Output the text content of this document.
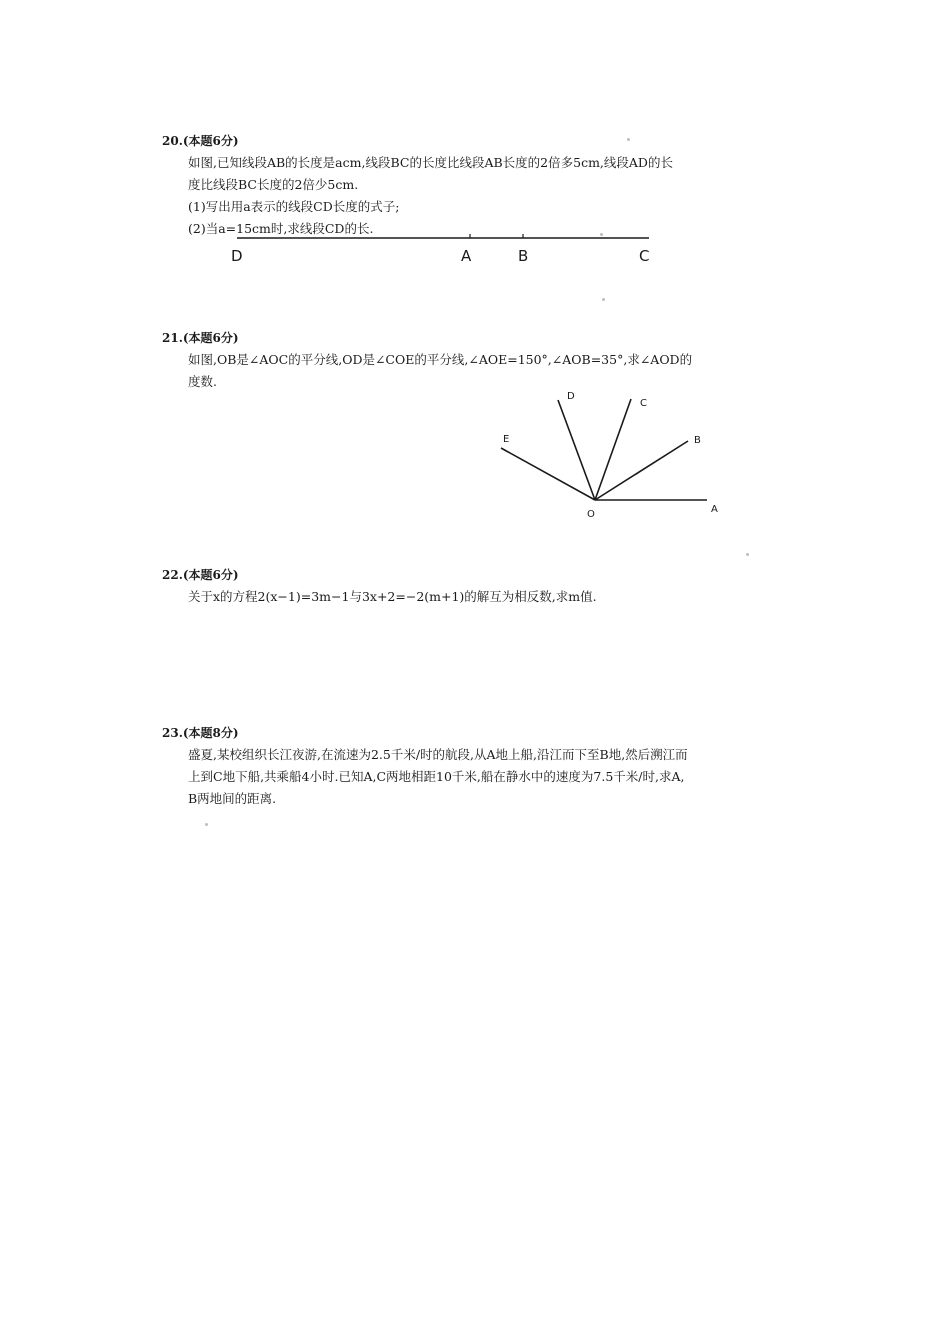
20.(本题6分)
如图,已知线段AB的长度是acm,线段BC的长度比线段AB长度的2倍多5cm,线段AD的长
度比线段BC长度的2倍少5cm.
(1)写出用a表示的线段CD长度的式子;
(2)当a=15cm时,求线段CD的长.
D	A	B	C
21.(本题6分)
如图,OB是∠AOC的平分线,OD是∠COE的平分线,∠AOE=150°,∠AOB=35°,求∠AOD的
度数.
D
C
E	B
O	A
22.(本题6分)
关于x的方程2(x−1)=3m−1与3x+2=−2(m+1)的解互为相反数,求m值.
23.(本题8分)
盛夏,某校组织长江夜游,在流速为2.5千米/时的航段,从A地上船,沿江而下至B地,然后溯江而
上到C地下船,共乘船4小时.已知A,C两地相距10千米,船在静水中的速度为7.5千米/时,求A,
B两地间的距离.
